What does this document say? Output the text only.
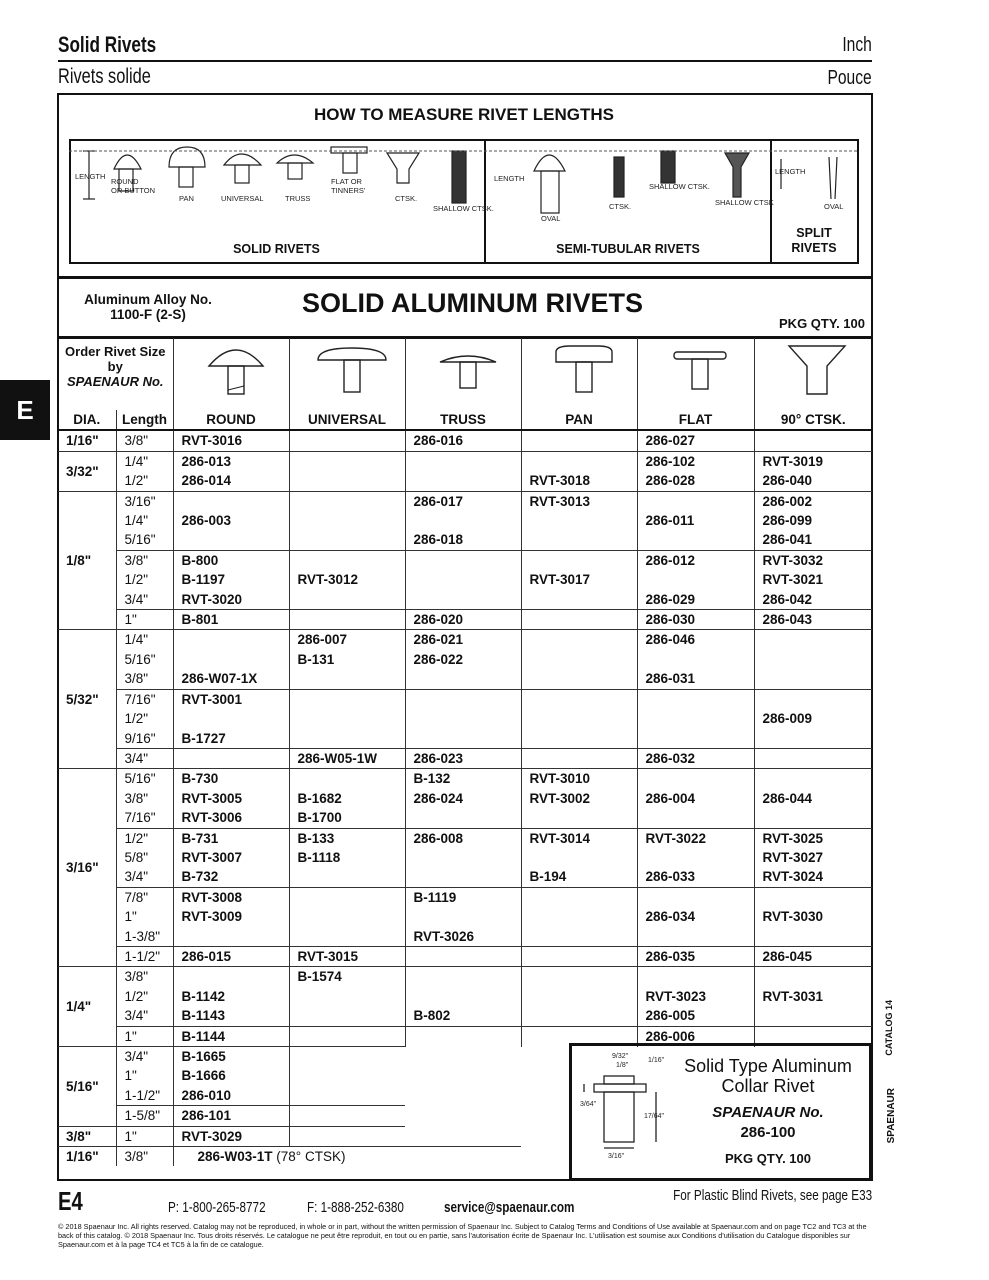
Solid Rivets	Inch
Rivets solide	Pouce
E
HOW TO MEASURE RIVET LENGTHS
LENGTH
ROUND
OR BUTTON
PAN	UNIVERSAL	TRUSS
FLAT OR
TINNERS'
CTSK.
SHALLOW CTSK.
LENGTH
OVAL
CTSK.
SHALLOW CTSK.
SHALLOW CTSK
LENGTH
OVAL
SOLID RIVETS	SEMI-TUBULAR RIVETS
SPLIT RIVETS
Aluminum Alloy No.
1100-F (2-S)	SOLID ALUMINUM RIVETS
PKG QTY. 100
Order Rivet Size by
SPAENAUR No.						
DIA.	Length	ROUND	UNIVERSAL	TRUSS	PAN	FLAT	90° CTSK.
1/16"	3/8"	RVT-3016		286-016		286-027	
3/32"	1/4"	286-013				286-102	RVT-3019
	1/2"	286-014			RVT-3018	286-028	286-040
1/8"	3/16"			286-017	RVT-3013		286-002
	1/4"	286-003				286-011	286-099
	5/16"			286-018			286-041
	3/8"	B-800				286-012	RVT-3032
	1/2"	B-1197	RVT-3012		RVT-3017		RVT-3021
	3/4"	RVT-3020				286-029	286-042
	1"	B-801		286-020		286-030	286-043
5/32"	1/4"		286-007	286-021		286-046	
	5/16"		B-131	286-022			
	3/8"	286-W07-1X				286-031	
	7/16"	RVT-3001					
	1/2"						286-009
	9/16"	B-1727					
	3/4"		286-W05-1W	286-023		286-032	
3/16"	5/16"	B-730		B-132	RVT-3010		
	3/8"	RVT-3005	B-1682	286-024	RVT-3002	286-004	286-044
	7/16"	RVT-3006	B-1700				
	1/2"	B-731	B-133	286-008	RVT-3014	RVT-3022	RVT-3025
	5/8"	RVT-3007	B-1118				RVT-3027
	3/4"	B-732			B-194	286-033	RVT-3024
	7/8"	RVT-3008		B-1119			
	1"	RVT-3009				286-034	RVT-3030
	1-3/8"			RVT-3026			
	1-1/2"	286-015	RVT-3015			286-035	286-045
1/4"	3/8"		B-1574				
	1/2"	B-1142				RVT-3023	RVT-3031
	3/4"	B-1143		B-802		286-005	
	1"	B-1144				286-006	
5/16"	3/4"	B-1665					
	1"	B-1666					
	1-1/2"	286-010					
	1-5/8"	286-101					
3/8"	1"	RVT-3029					
1/16"	3/8"	286-W03-1T (78° CTSK)					
9/32"
1/8"
1/16"
3/64"
17/64"
3/16"
Solid Type Aluminum
Collar Rivet
SPAENAUR No.
286-100
PKG QTY. 100
CATALOG 14
SPAENAUR
E4	P: 1-800-265-8772	F: 1-888-252-6380	service@spaenaur.com
For Plastic Blind Rivets, see page E33
© 2018 Spaenaur Inc. All rights reserved. Catalog may not be reproduced, in whole or in part, without the written permission of Spaenaur Inc. Subject to Catalog Terms and Conditions of Use available at Spaenaur.com and on page TC2 and TC3 at the back of this catalog. © 2018 Spaenaur Inc. Tous droits réservés. Le catalogue ne peut être reproduit, en tout ou en partie, sans l'autorisation écrite de Spaenaur Inc. L'utilisation est soumise aux Conditions d'utilisation du Catalogue disponibles sur Spaenaur.com et à la page TC4 et TC5 à la fin de ce catalogue.
